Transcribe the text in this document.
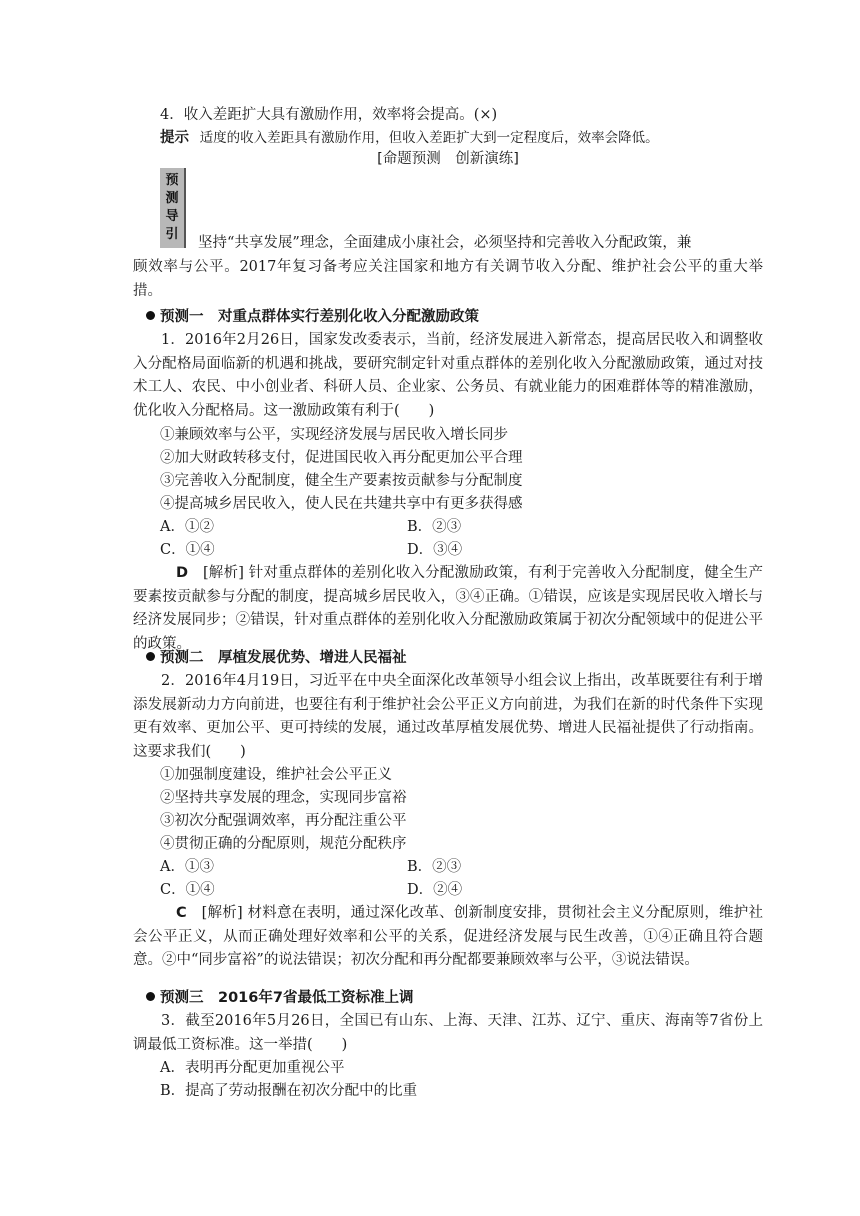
4．收入差距扩大具有激励作用，效率将会提高。(×)
提示 适度的收入差距具有激励作用，但收入差距扩大到一定程度后，效率会降低。
[命题预测　创新演练]
预
测
导
引
坚持“共享发展”理念，全面建成小康社会，必须坚持和完善收入分配政策，兼
顾效率与公平。2017年复习备考应关注国家和地方有关调节收入分配、维护社会公平的重大举措。
预测一　对重点群体实行差别化收入分配激励政策
1．2016年2月26日，国家发改委表示，当前，经济发展进入新常态，提高居民收入和调整收入分配格局面临新的机遇和挑战，要研究制定针对重点群体的差别化收入分配激励政策，通过对技术工人、农民、中小创业者、科研人员、企业家、公务员、有就业能力的困难群体等的精准激励，优化收入分配格局。这一激励政策有利于(　　)
①兼顾效率与公平，实现经济发展与居民收入增长同步
②加大财政转移支付，促进国民收入再分配更加公平合理
③完善收入分配制度，健全生产要素按贡献参与分配制度
④提高城乡居民收入，使人民在共建共享中有更多获得感
A．①②	B．②③
C．①④	D．③④
D　 [解析] 针对重点群体的差别化收入分配激励政策，有利于完善收入分配制度，健全生产要素按贡献参与分配的制度，提高城乡居民收入，③④正确。①错误，应该是实现居民收入增长与经济发展同步；②错误，针对重点群体的差别化收入分配激励政策属于初次分配领域中的促进公平的政策。
预测二　厚植发展优势、增进人民福祉
2．2016年4月19日，习近平在中央全面深化改革领导小组会议上指出，改革既要往有利于增添发展新动力方向前进，也要往有利于维护社会公平正义方向前进，为我们在新的时代条件下实现更有效率、更加公平、更可持续的发展，通过改革厚植发展优势、增进人民福祉提供了行动指南。这要求我们(　　)
①加强制度建设，维护社会公平正义
②坚持共享发展的理念，实现同步富裕
③初次分配强调效率，再分配注重公平
④贯彻正确的分配原则，规范分配秩序
A．①③	B．②③
C．①④	D．②④
C　 [解析] 材料意在表明，通过深化改革、创新制度安排，贯彻社会主义分配原则，维护社会公平正义，从而正确处理好效率和公平的关系，促进经济发展与民生改善，①④正确且符合题意。②中“同步富裕”的说法错误；初次分配和再分配都要兼顾效率与公平，③说法错误。
预测三　2016年7省最低工资标准上调
3．截至2016年5月26日，全国已有山东、上海、天津、江苏、辽宁、重庆、海南等7省份上调最低工资标准。这一举措(　　)
A．表明再分配更加重视公平
B．提高了劳动报酬在初次分配中的比重
